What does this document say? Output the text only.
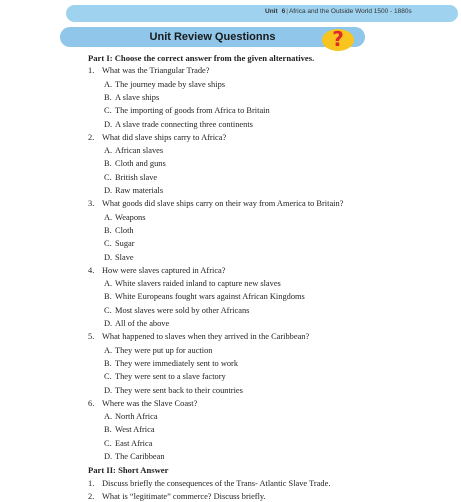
Unit 6|Africa and the Outside World 1500 - 1880s
Unit Review Questionns	?
Part I: Choose the correct answer from the given alternatives.
1. What was the Triangular Trade?
A. The journey made by slave ships
B. A slave ships
C. The importing of goods from Africa to Britain
D. A slave trade connecting three continents
2. What did slave ships carry to Africa?
A. African slaves
B. Cloth and guns
C. British slave
D. Raw materials
3. What goods did slave ships carry on their way from America to Britain?
A. Weapons
B. Cloth
C. Sugar
D. Slave
4. How were slaves captured in Africa?
A. White slavers raided inland to capture new slaves
B. White Europeans fought wars against African Kingdoms
C. Most slaves were sold by other Africans
D. All of the above
5. What happened to slaves when they arrived in the Caribbean?
A. They were put up for auction
B. They were immediately sent to work
C. They were sent to a slave factory
D. They were sent back to their countries
6. Where was the Slave Coast?
A. North Africa
B. West Africa
C. East Africa
D. The Caribbean
Part II: Short Answer
1. Discuss briefly the consequences of the Trans- Atlantic Slave Trade.
2. What is “legitimate” commerce? Discuss briefly.
